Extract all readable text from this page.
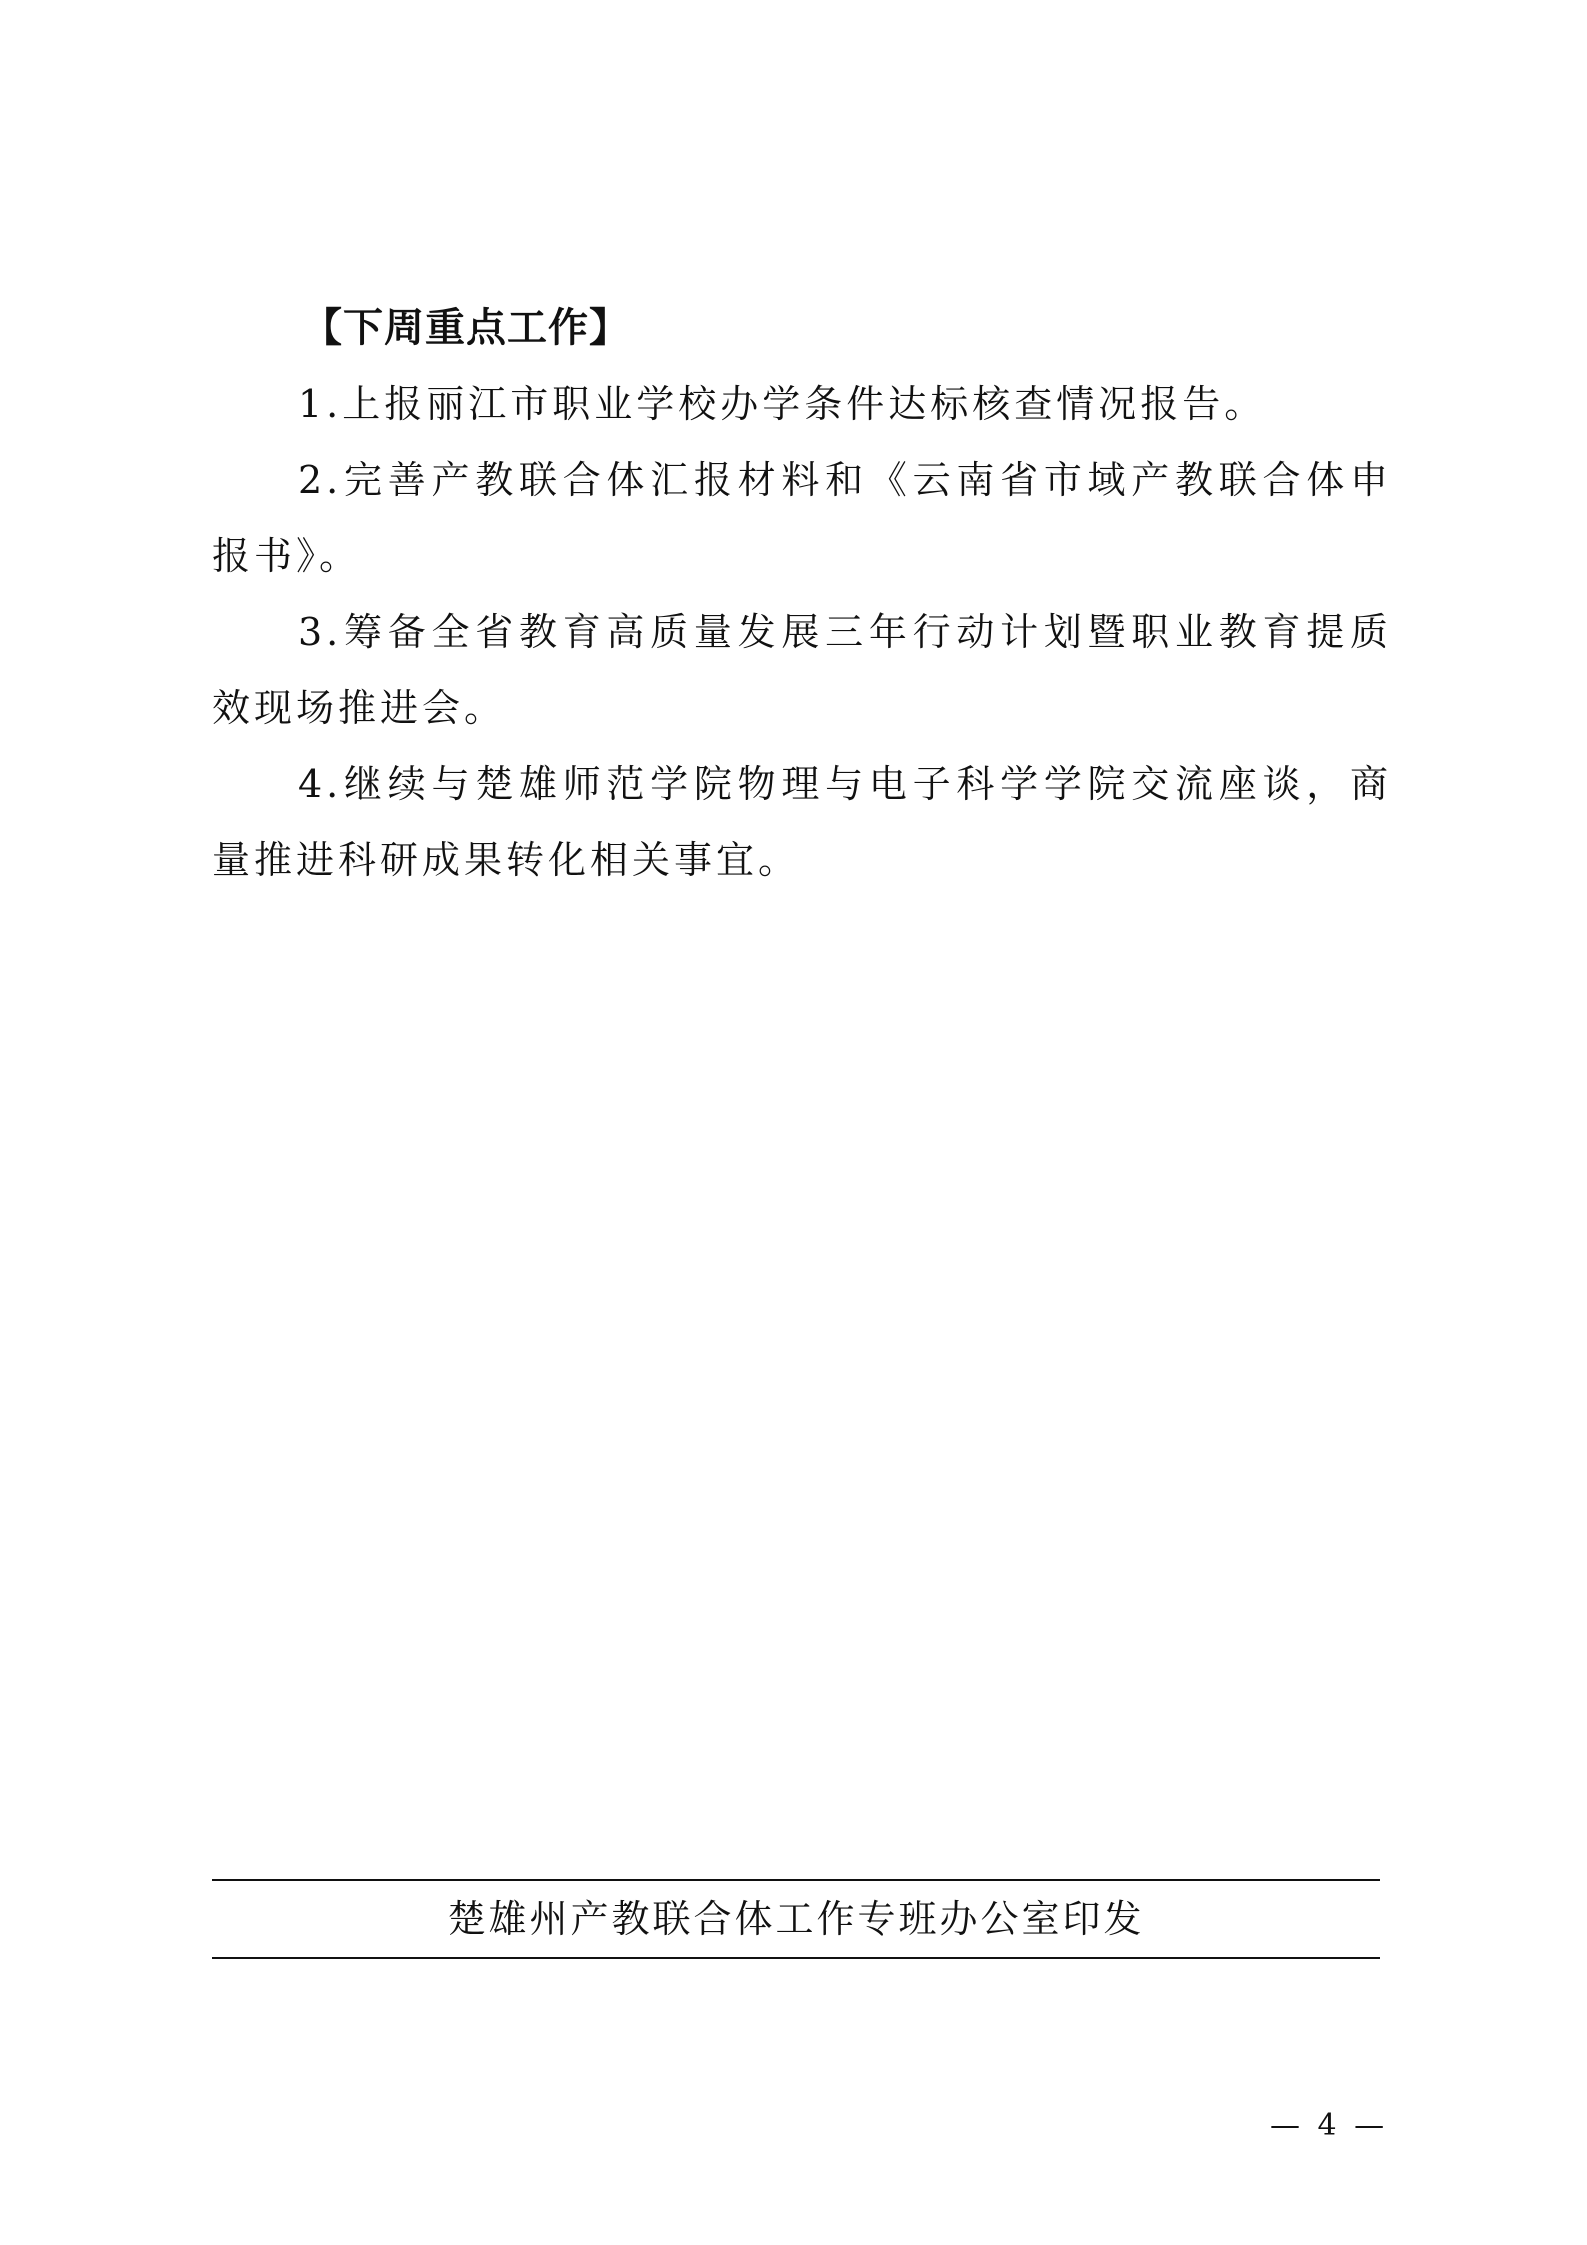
【下周重点工作】

1.上报丽江市职业学校办学条件达标核查情况报告。

2.完善产教联合体汇报材料和《云南省市域产教联合体申报书》。

3.筹备全省教育高质量发展三年行动计划暨职业教育提质效现场推进会。

4.继续与楚雄师范学院物理与电子科学学院交流座谈，商量推进科研成果转化相关事宜。

楚雄州产教联合体工作专班办公室印发
— 4 —
